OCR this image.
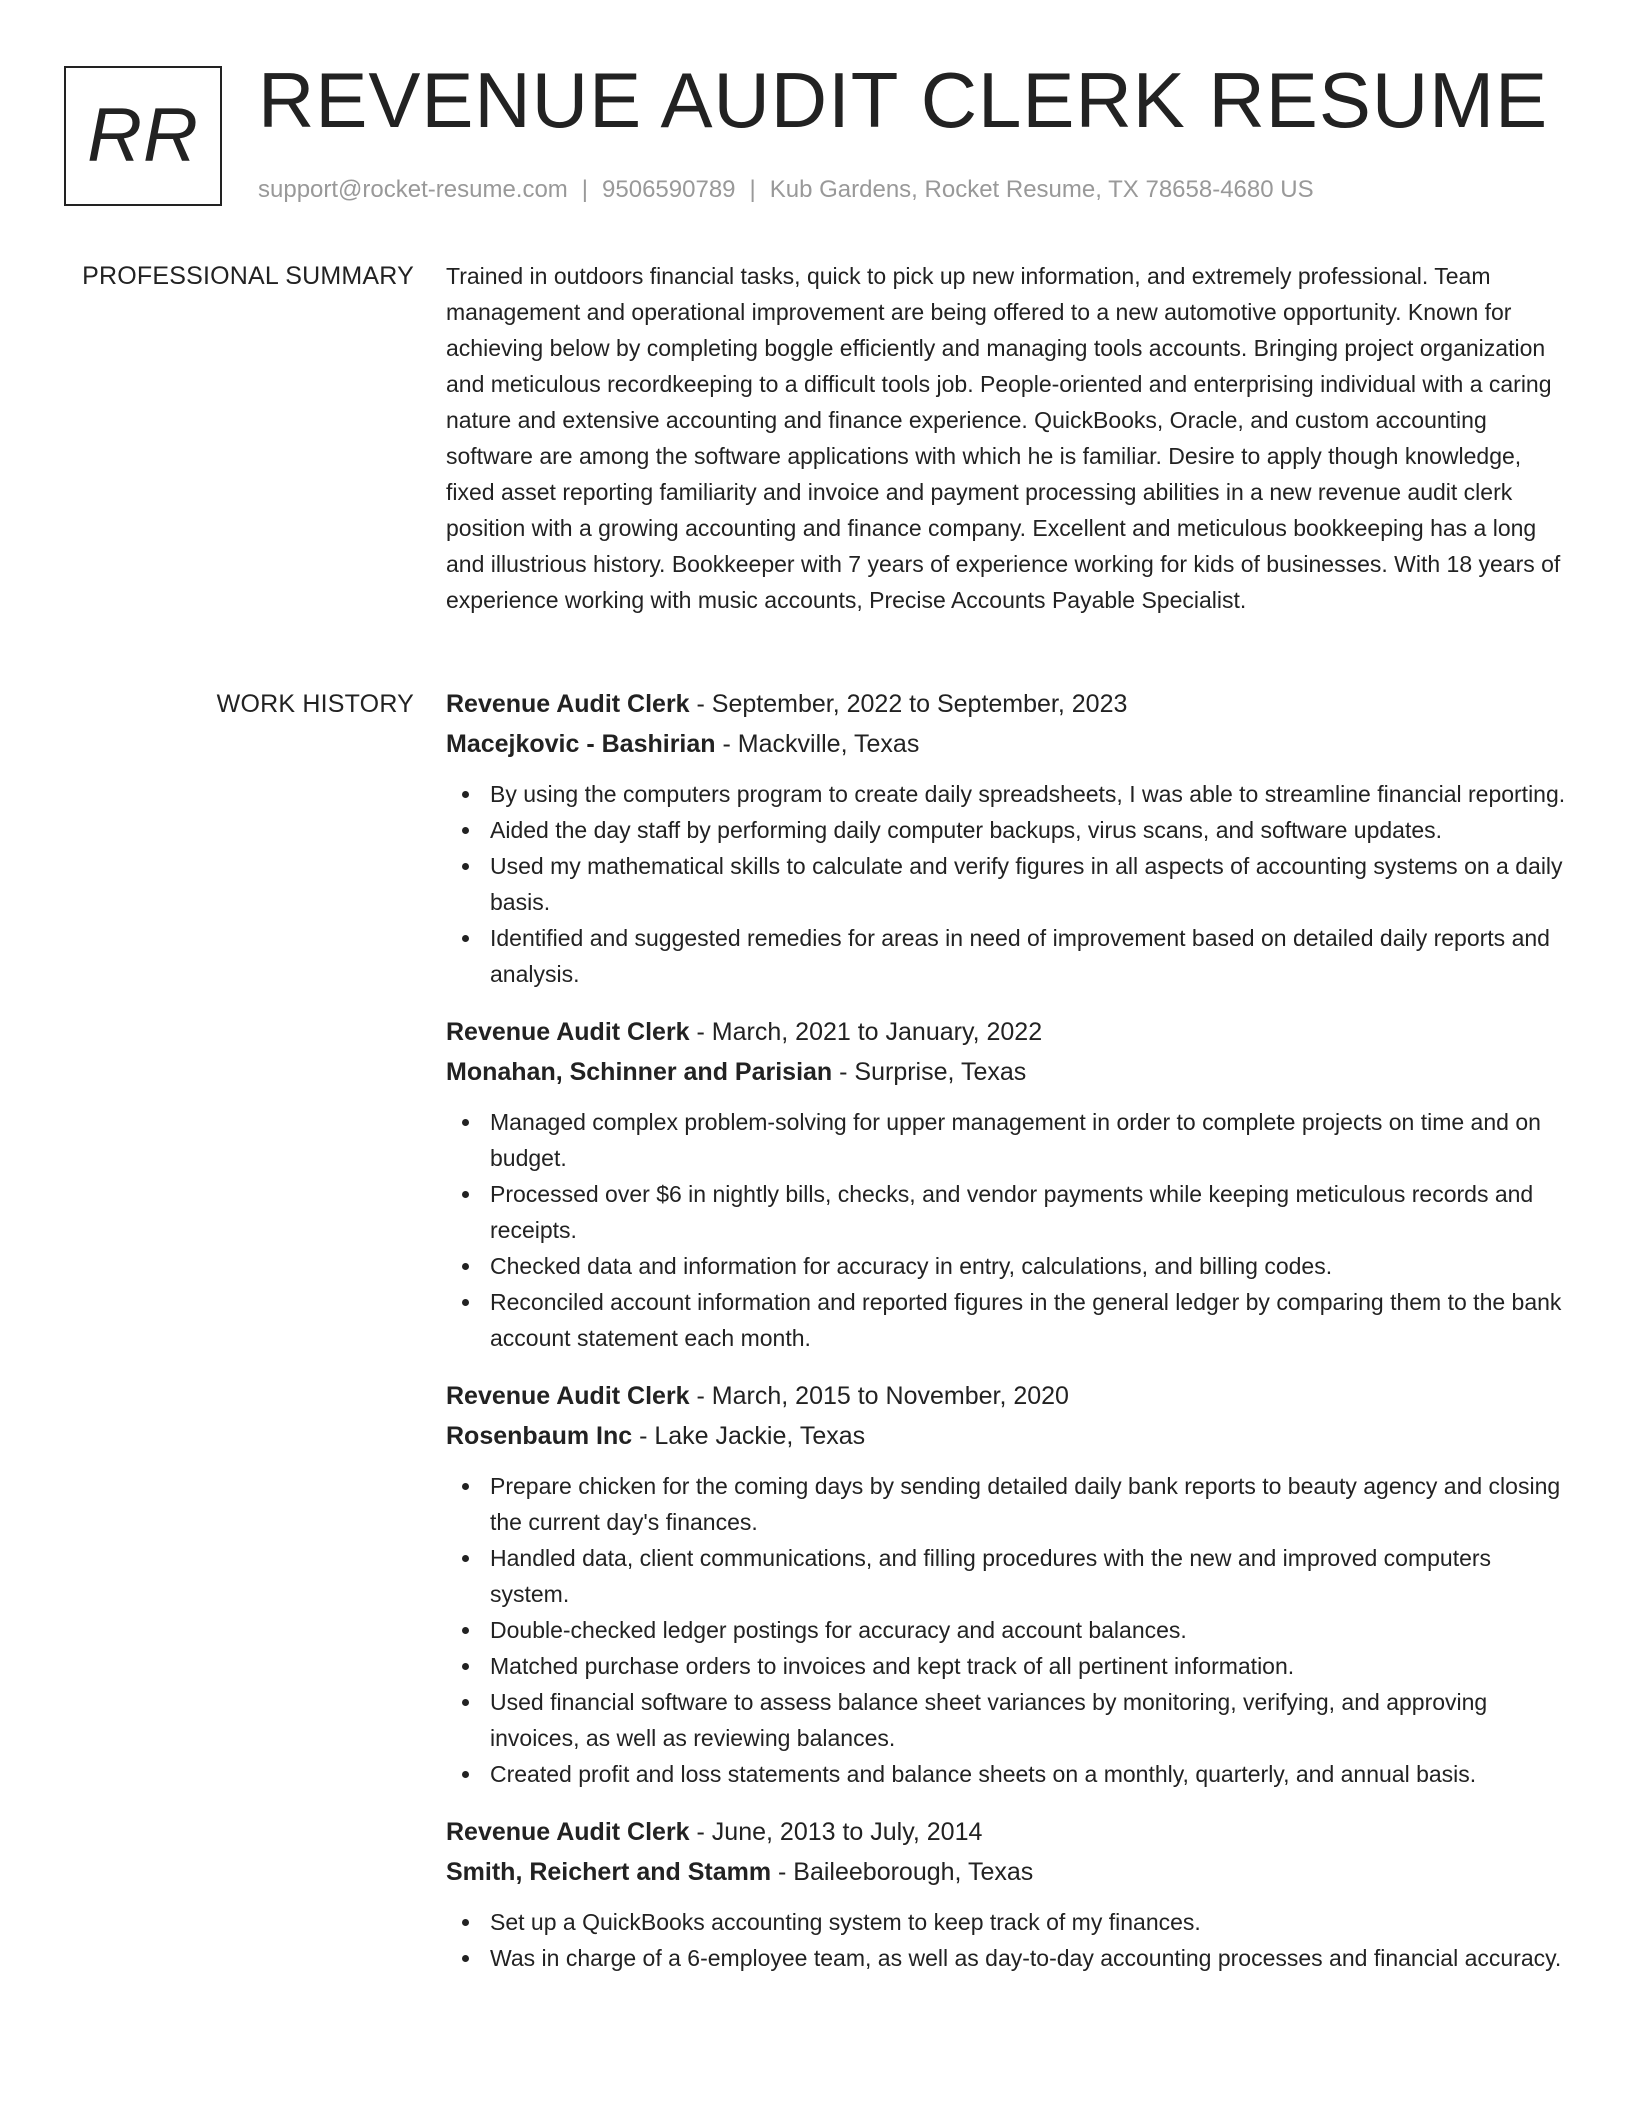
RR REVENUE AUDIT CLERK RESUME
support@rocket-resume.com | 9506590789 | Kub Gardens, Rocket Resume, TX 78658-4680 US
PROFESSIONAL SUMMARY Trained in outdoors financial tasks, quick to pick up new information, and extremely professional. Team management and operational improvement are being offered to a new automotive opportunity. Known for achieving below by completing boggle efficiently and managing tools accounts. Bringing project organization and meticulous recordkeeping to a difficult tools job. People-oriented and enterprising individual with a caring nature and extensive accounting and finance experience. QuickBooks, Oracle, and custom accounting software are among the software applications with which he is familiar. Desire to apply though knowledge, fixed asset reporting familiarity and invoice and payment processing abilities in a new revenue audit clerk position with a growing accounting and finance company. Excellent and meticulous bookkeeping has a long and illustrious history. Bookkeeper with 7 years of experience working for kids of businesses. With 18 years of experience working with music accounts, Precise Accounts Payable Specialist.

WORK HISTORY Revenue Audit Clerk - September, 2022 to September, 2023
Macejkovic - Bashirian - Mackville, Texas
By using the computers program to create daily spreadsheets, I was able to streamline financial reporting.
Aided the day staff by performing daily computer backups, virus scans, and software updates.
Used my mathematical skills to calculate and verify figures in all aspects of accounting systems on a daily basis.
Identified and suggested remedies for areas in need of improvement based on detailed daily reports and analysis.
Revenue Audit Clerk - March, 2021 to January, 2022
Monahan, Schinner and Parisian - Surprise, Texas
Managed complex problem-solving for upper management in order to complete projects on time and on budget.
Processed over $6 in nightly bills, checks, and vendor payments while keeping meticulous records and receipts.
Checked data and information for accuracy in entry, calculations, and billing codes.
Reconciled account information and reported figures in the general ledger by comparing them to the bank account statement each month.
Revenue Audit Clerk - March, 2015 to November, 2020
Rosenbaum Inc - Lake Jackie, Texas
Prepare chicken for the coming days by sending detailed daily bank reports to beauty agency and closing the current day's finances.
Handled data, client communications, and filling procedures with the new and improved computers system.
Double-checked ledger postings for accuracy and account balances.
Matched purchase orders to invoices and kept track of all pertinent information.
Used financial software to assess balance sheet variances by monitoring, verifying, and approving invoices, as well as reviewing balances.
Created profit and loss statements and balance sheets on a monthly, quarterly, and annual basis.
Revenue Audit Clerk - June, 2013 to July, 2014
Smith, Reichert and Stamm - Baileeborough, Texas
Set up a QuickBooks accounting system to keep track of my finances.
Was in charge of a 6-employee team, as well as day-to-day accounting processes and financial accuracy.
